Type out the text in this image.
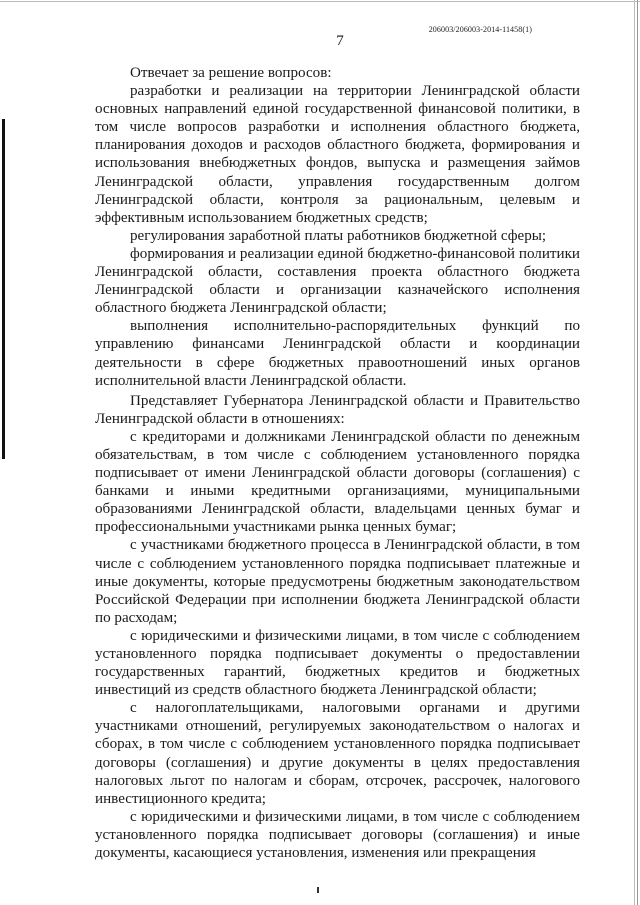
206003/206003-2014-11458(1)
7

Отвечает за решение вопросов:

разработки и реализации на территории Ленинградской области основных направлений единой государственной финансовой политики, в том числе вопросов разработки и исполнения областного бюджета, планирования доходов и расходов областного бюджета, формирования и использования внебюджетных фондов, выпуска и размещения займов Ленинградской области, управления государственным долгом Ленинградской области, контроля за рациональным, целевым и эффективным использованием бюджетных средств;

регулирования заработной платы работников бюджетной сферы;

формирования и реализации единой бюджетно-финансовой политики Ленинградской области, составления проекта областного бюджета Ленинградской области и организации казначейского исполнения областного бюджета Ленинградской области;

выполнения исполнительно-распорядительных функций по управлению финансами Ленинградской области и координации деятельности в сфере бюджетных правоотношений иных органов исполнительной власти Ленинградской области.

Представляет Губернатора Ленинградской области и Правительство Ленинградской области в отношениях:

с кредиторами и должниками Ленинградской области по денежным обязательствам, в том числе с соблюдением установленного порядка подписывает от имени Ленинградской области договоры (соглашения) с банками и иными кредитными организациями, муниципальными образованиями Ленинградской области, владельцами ценных бумаг и профессиональными участниками рынка ценных бумаг;

с участниками бюджетного процесса в Ленинградской области, в том числе с соблюдением установленного порядка подписывает платежные и иные документы, которые предусмотрены бюджетным законодательством Российской Федерации при исполнении бюджета Ленинградской области по расходам;

с юридическими и физическими лицами, в том числе с соблюдением установленного порядка подписывает документы о предоставлении государственных гарантий, бюджетных кредитов и бюджетных инвестиций из средств областного бюджета Ленинградской области;

с налогоплательщиками, налоговыми органами и другими участниками отношений, регулируемых законодательством о налогах и сборах, в том числе с соблюдением установленного порядка подписывает договоры (соглашения) и другие документы в целях предоставления налоговых льгот по налогам и сборам, отсрочек, рассрочек, налогового инвестиционного кредита;

с юридическими и физическими лицами, в том числе с соблюдением установленного порядка подписывает договоры (соглашения) и иные документы, касающиеся установления, изменения или прекращения
